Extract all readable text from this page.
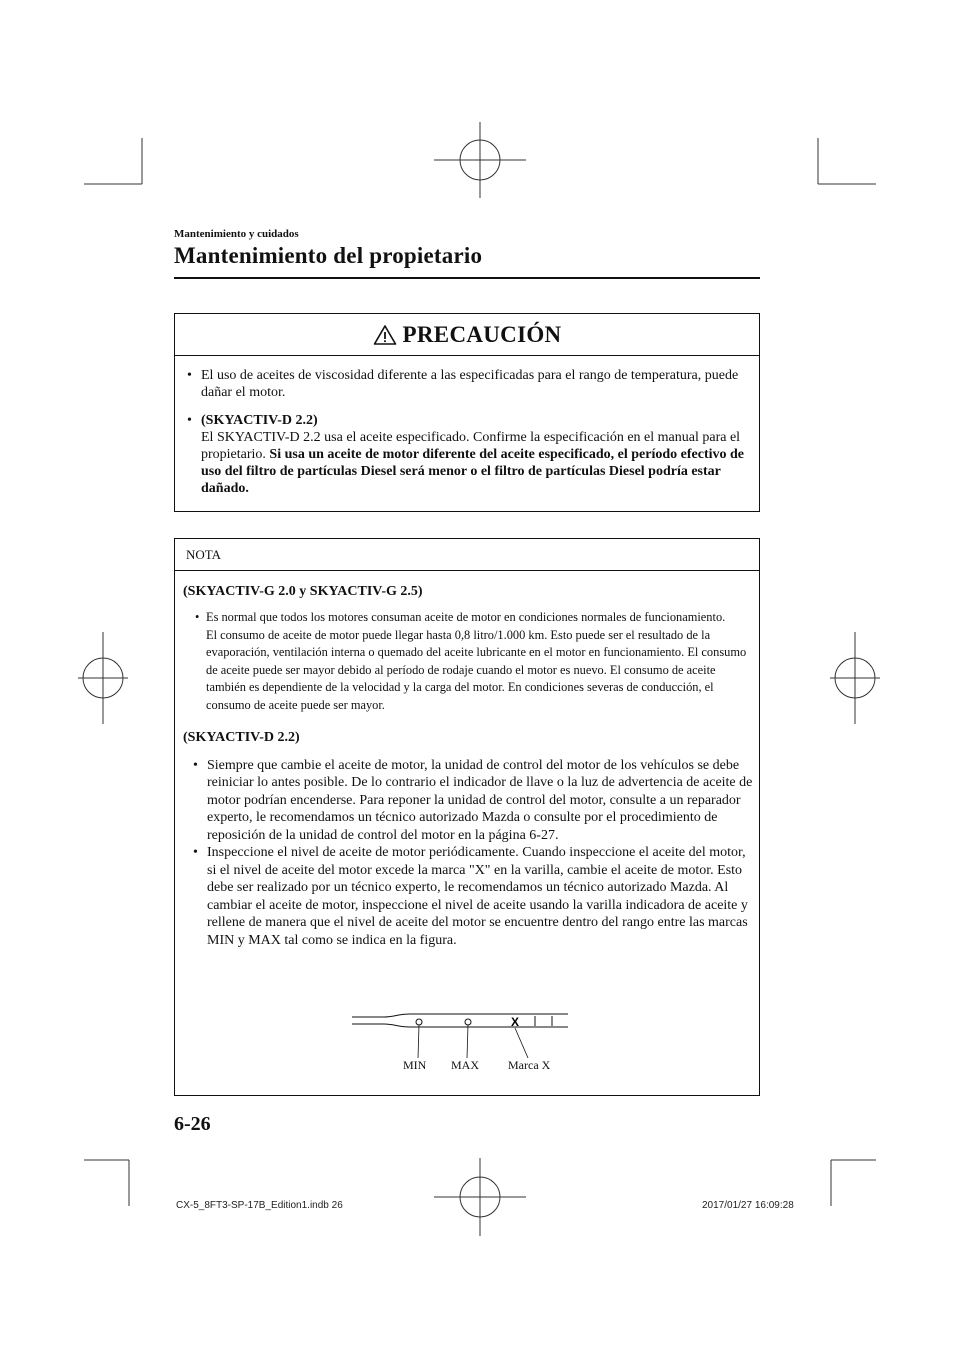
Mantenimiento y cuidados
Mantenimiento del propietario
PRECAUCIÓN
• El uso de aceites de viscosidad diferente a las especificadas para el rango de temperatura, puede dañar el motor.
• (SKYACTIV-D 2.2)
El SKYACTIV-D 2.2 usa el aceite especificado. Confirme la especificación en el manual para el propietario. Si usa un aceite de motor diferente del aceite especificado, el período efectivo de uso del filtro de partículas Diesel será menor o el filtro de partículas Diesel podría estar dañado.
NOTA
(SKYACTIV-G 2.0 y SKYACTIV-G 2.5)
• Es normal que todos los motores consuman aceite de motor en condiciones normales de funcionamiento.
El consumo de aceite de motor puede llegar hasta 0,8 litro/1.000 km. Esto puede ser el resultado de la evaporación, ventilación interna o quemado del aceite lubricante en el motor en funcionamiento. El consumo de aceite puede ser mayor debido al período de rodaje cuando el motor es nuevo. El consumo de aceite también es dependiente de la velocidad y la carga del motor. En condiciones severas de conducción, el consumo de aceite puede ser mayor.
(SKYACTIV-D 2.2)
• Siempre que cambie el aceite de motor, la unidad de control del motor de los vehículos se debe reiniciar lo antes posible. De lo contrario el indicador de llave o la luz de advertencia de aceite de motor podrían encenderse. Para reponer la unidad de control del motor, consulte a un reparador experto, le recomendamos un técnico autorizado Mazda o consulte por el procedimiento de reposición de la unidad de control del motor en la página 6-27.
• Inspeccione el nivel de aceite de motor periódicamente. Cuando inspeccione el aceite del motor, si el nivel de aceite del motor excede la marca "X" en la varilla, cambie el aceite de motor. Esto debe ser realizado por un técnico experto, le recomendamos un técnico autorizado Mazda. Al cambiar el aceite de motor, inspeccione el nivel de aceite usando la varilla indicadora de aceite y rellene de manera que el nivel de aceite del motor se encuentre dentro del rango entre las marcas MIN y MAX tal como se indica en la figura.
X
MIN MAX Marca X
6-26
CX-5_8FT3-SP-17B_Edition1.indb 26	2017/01/27 16:09:28
